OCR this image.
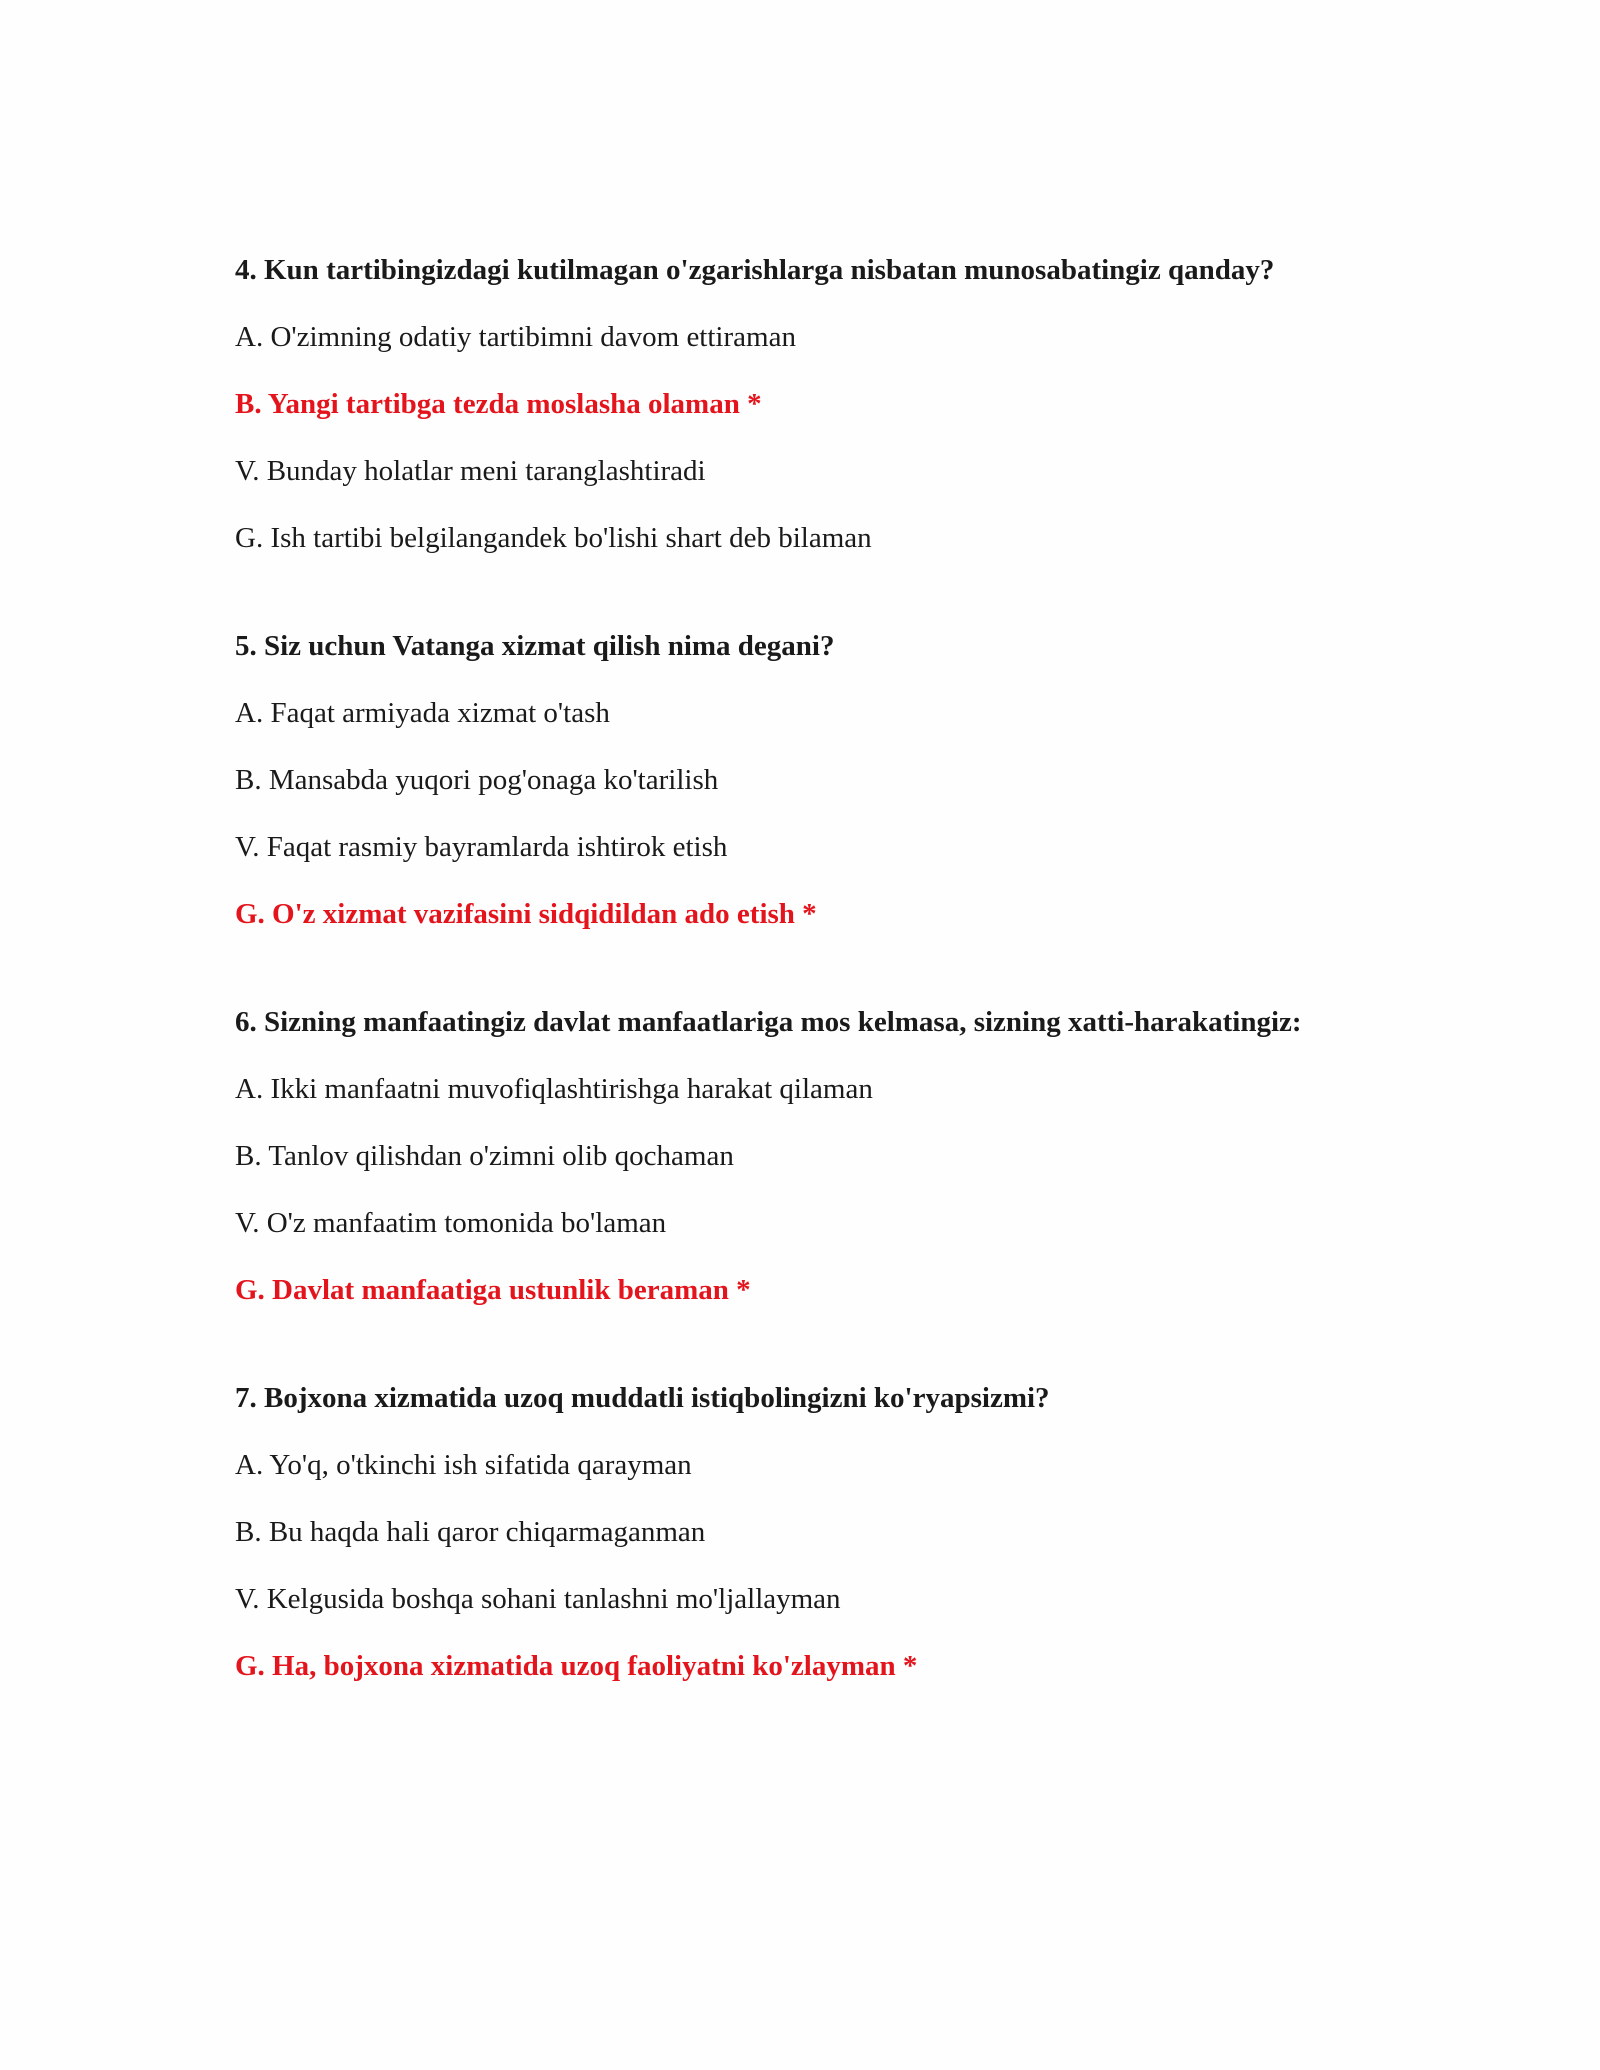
4. Kun tartibingizdagi kutilmagan o'zgarishlarga nisbatan munosabatingiz qanday?

A. O'zimning odatiy tartibimni davom ettiraman

B. Yangi tartibga tezda moslasha olaman *

V. Bunday holatlar meni taranglashtiradi

G. Ish tartibi belgilangandek bo'lishi shart deb bilaman

5. Siz uchun Vatanga xizmat qilish nima degani?

A. Faqat armiyada xizmat o'tash

B. Mansabda yuqori pog'onaga ko'tarilish

V. Faqat rasmiy bayramlarda ishtirok etish

G. O'z xizmat vazifasini sidqidildan ado etish *

6. Sizning manfaatingiz davlat manfaatlariga mos kelmasa, sizning xatti-harakatingiz:

A. Ikki manfaatni muvofiqlashtirishga harakat qilaman

B. Tanlov qilishdan o'zimni olib qochaman

V. O'z manfaatim tomonida bo'laman

G. Davlat manfaatiga ustunlik beraman *

7. Bojxona xizmatida uzoq muddatli istiqbolingizni ko'ryapsizmi?

A. Yo'q, o'tkinchi ish sifatida qarayman

B. Bu haqda hali qaror chiqarmaganman

V. Kelgusida boshqa sohani tanlashni mo'ljallayman

G. Ha, bojxona xizmatida uzoq faoliyatni ko'zlayman *
